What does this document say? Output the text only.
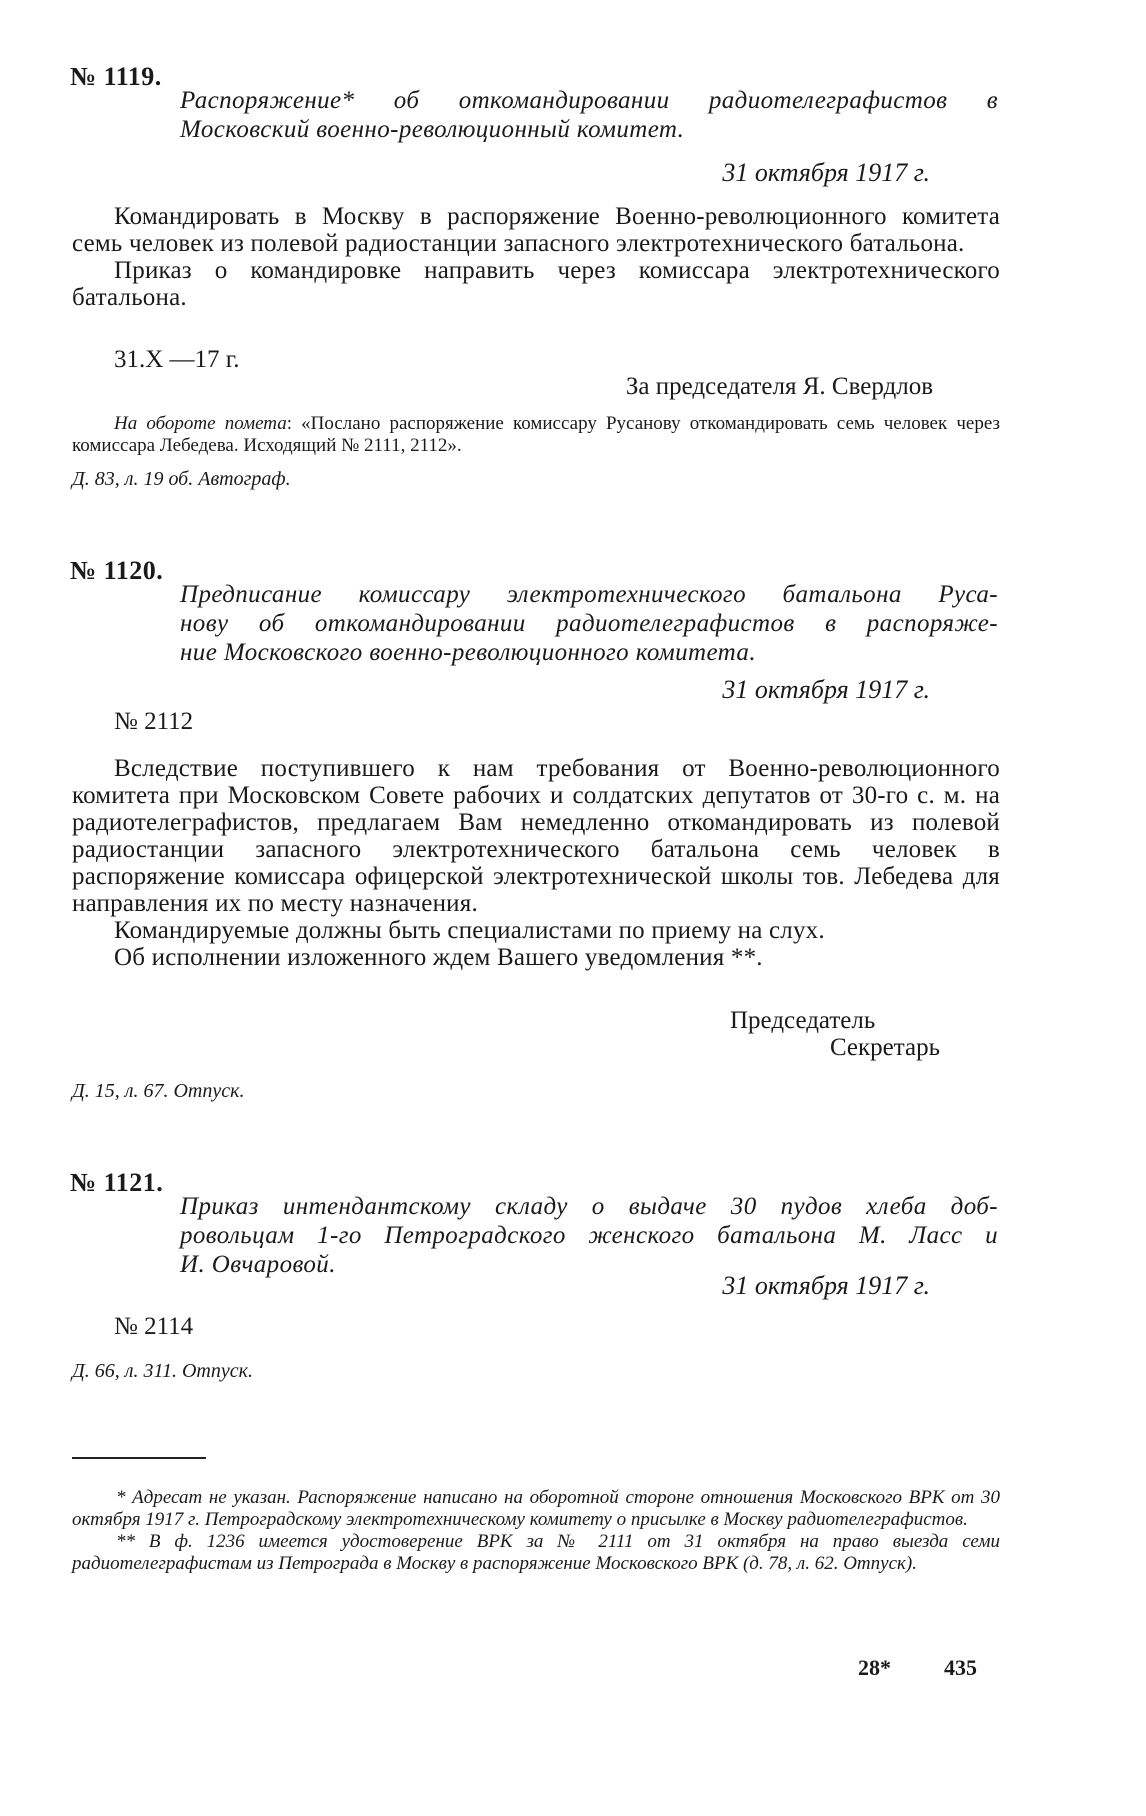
№ 1119.
Распоряжение* об откомандировании радиотелеграфистов в
Московский военно-революционный комитет.
31 октября 1917 г.

Командировать в Москву в распоряжение Военно-революционного комитета семь человек из полевой радиостанции запасного электротехнического батальона.

Приказ о командировке направить через комиссара электротехнического батальона.

31.X —17 г.
За председателя Я. Свердлов
На обороте помета: «Послано распоряжение комиссару Русанову откомандировать семь человек через комиссара Лебедева. Исходящий № 2111, 2112».
Д. 83, л. 19 об. Автограф.
№ 1120.
Предписание комиссару электротехнического батальона Руса-
нову об откомандировании радиотелеграфистов в распоряже-
ние Московского военно-революционного комитета.
31 октября 1917 г.
№ 2112

Вследствие поступившего к нам требования от Военно-революционного комитета при Московском Совете рабочих и солдатских депутатов от 30-го с. м. на радиотелеграфистов, предлагаем Вам немедленно откомандировать из полевой радиостанции запасного электротехнического батальона семь человек в распоряжение комиссара офицерской электротехнической школы тов. Лебедева для направления их по месту назначения.

Командируемые должны быть специалистами по приему на слух.

Об исполнении изложенного ждем Вашего уведомления **.

Председатель
Секретарь
Д. 15, л. 67. Отпуск.
№ 1121.
Приказ интендантскому складу о выдаче 30 пудов хлеба доб-
ровольцам 1-го Петроградского женского батальона М. Ласс и
И. Овчаровой.
31 октября 1917 г.
№ 2114
Д. 66, л. 311. Отпуск.

* Адресат не указан. Распоряжение написано на оборотной стороне отношения Московского ВРК от 30 октября 1917 г. Петроградскому электротехническому комитету о присылке в Москву радиотелеграфистов.

** В ф. 1236 имеется удостоверение ВРК за № 2111 от 31 октября на право выезда семи радиотелеграфистам из Петрограда в Москву в распоряжение Московского ВРК (д. 78, л. 62. Отпуск).

28* 435
